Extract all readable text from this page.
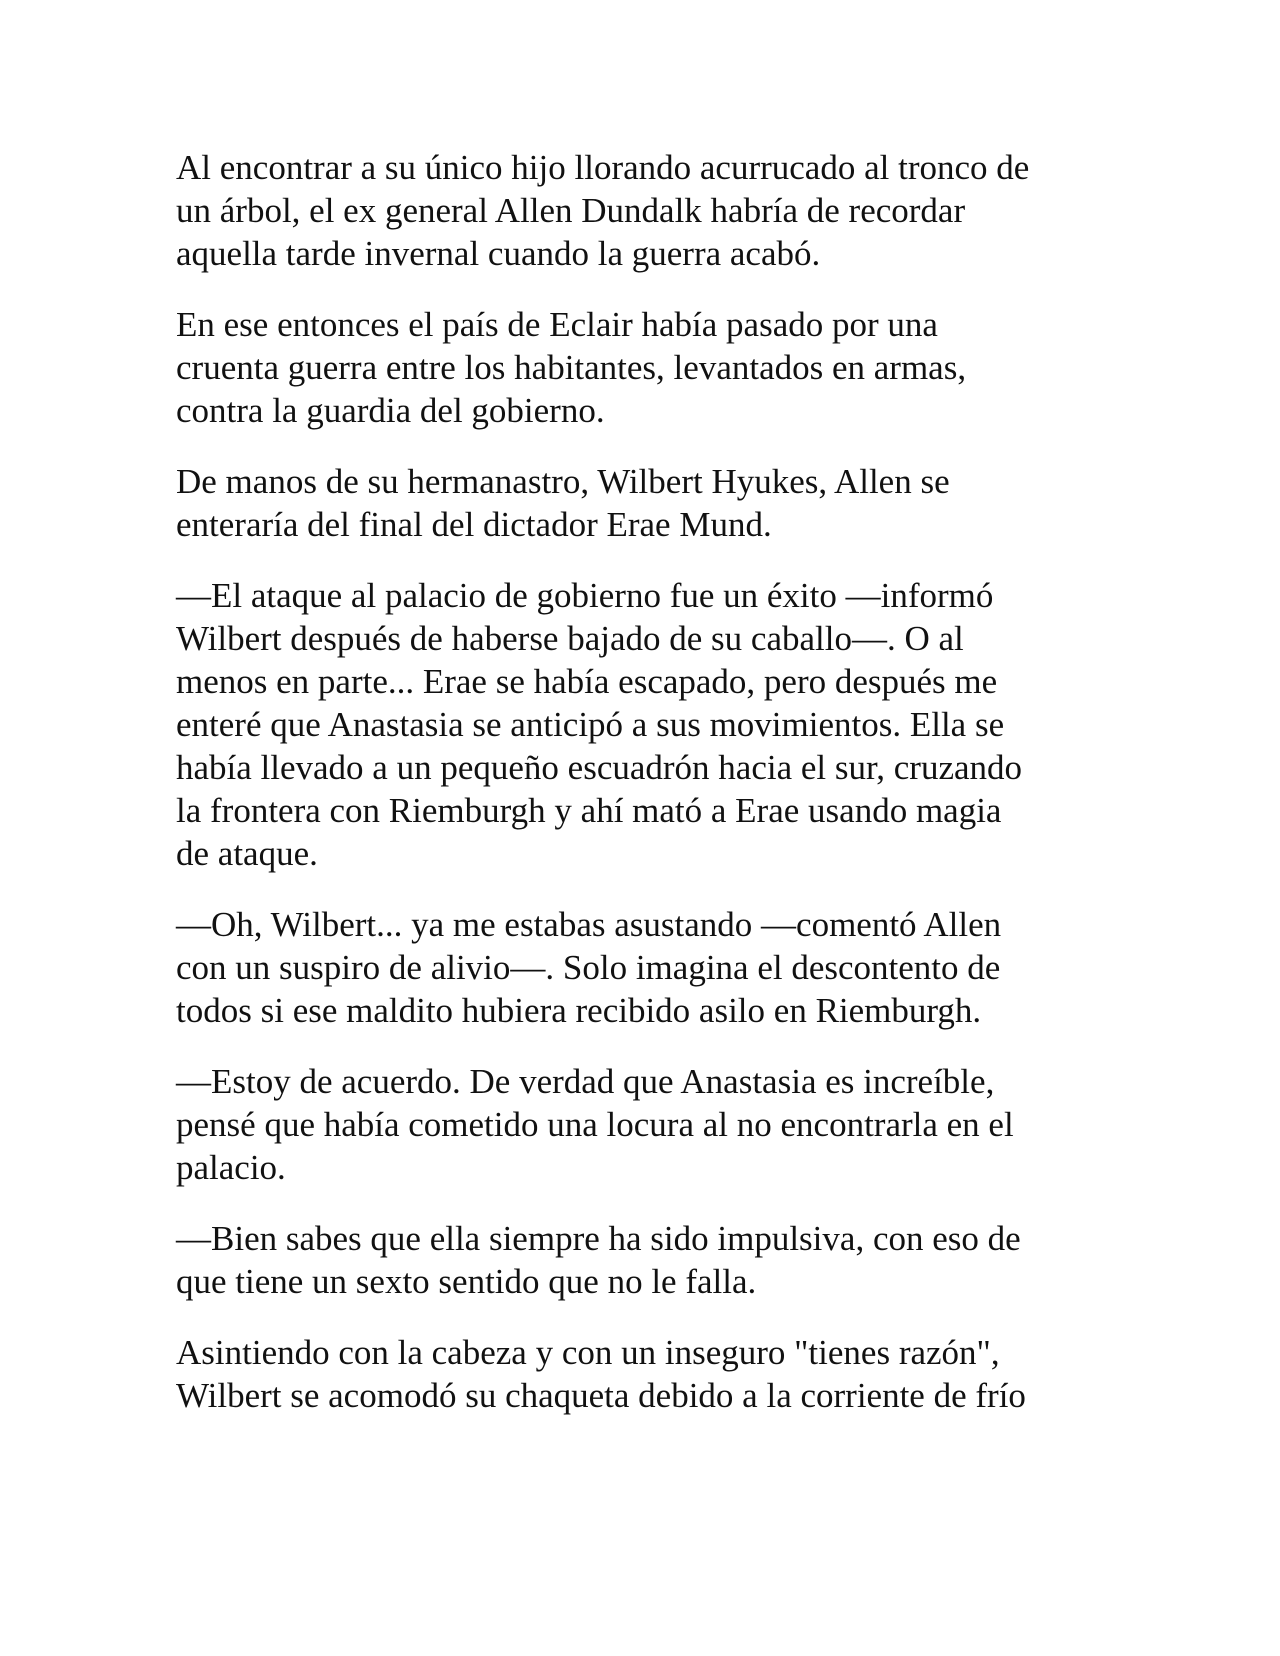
Al encontrar a su único hijo llorando acurrucado al tronco de
un árbol, el ex general Allen Dundalk habría de recordar
aquella tarde invernal cuando la guerra acabó.

En ese entonces el país de Eclair había pasado por una
cruenta guerra entre los habitantes, levantados en armas,
contra la guardia del gobierno.

De manos de su hermanastro, Wilbert Hyukes, Allen se
enteraría del final del dictador Erae Mund.

—El ataque al palacio de gobierno fue un éxito —informó
Wilbert después de haberse bajado de su caballo—. O al
menos en parte... Erae se había escapado, pero después me
enteré que Anastasia se anticipó a sus movimientos. Ella se
había llevado a un pequeño escuadrón hacia el sur, cruzando
la frontera con Riemburgh y ahí mató a Erae usando magia
de ataque.

—Oh, Wilbert... ya me estabas asustando —comentó Allen
con un suspiro de alivio—. Solo imagina el descontento de
todos si ese maldito hubiera recibido asilo en Riemburgh.

—Estoy de acuerdo. De verdad que Anastasia es increíble,
pensé que había cometido una locura al no encontrarla en el
palacio.

—Bien sabes que ella siempre ha sido impulsiva, con eso de
que tiene un sexto sentido que no le falla.

Asintiendo con la cabeza y con un inseguro "tienes razón",
Wilbert se acomodó su chaqueta debido a la corriente de frío
